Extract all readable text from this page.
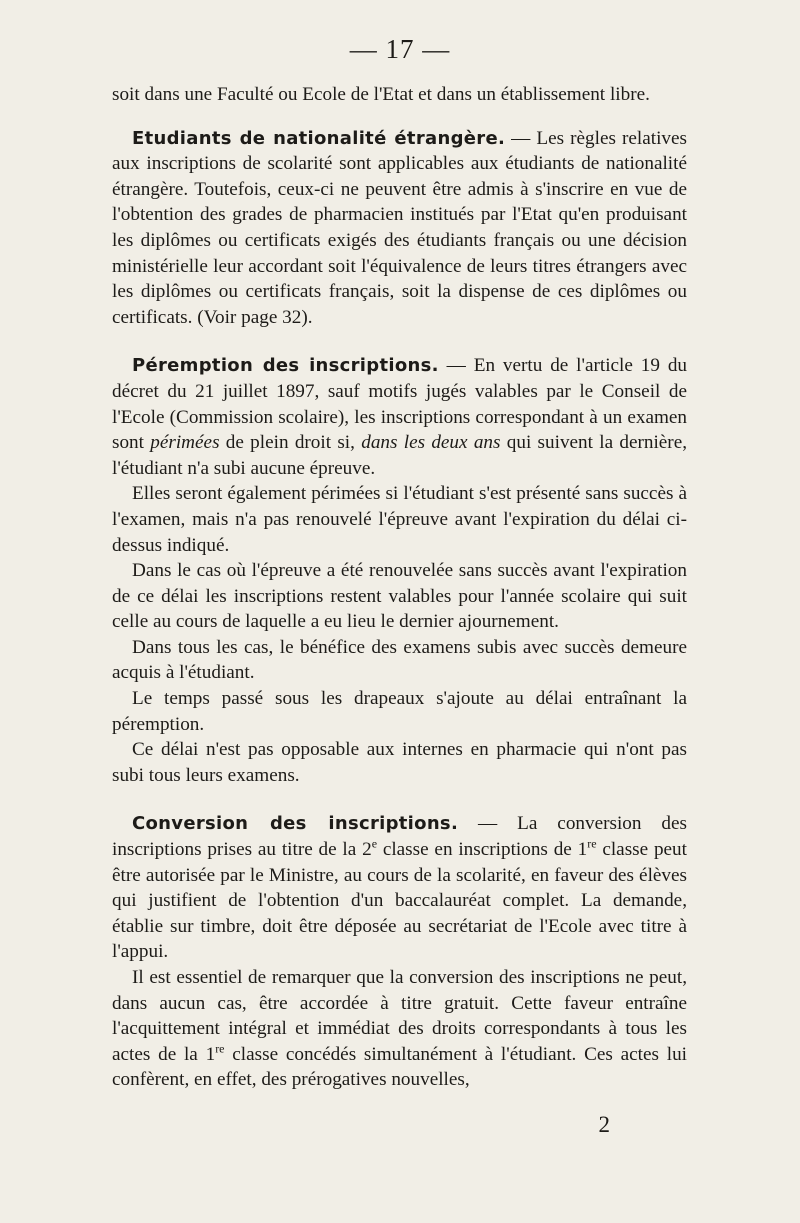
— 17 —

soit dans une Faculté ou Ecole de l'Etat et dans un établissement libre.

Etudiants de nationalité étrangère. — Les règles relatives aux inscriptions de scolarité sont applicables aux étudiants de nationalité étrangère. Toutefois, ceux-ci ne peuvent être admis à s'inscrire en vue de l'obtention des grades de pharmacien institués par l'Etat qu'en produisant les diplômes ou certificats exigés des étudiants français ou une décision ministérielle leur accordant soit l'équivalence de leurs titres étrangers avec les diplômes ou certificats français, soit la dispense de ces diplômes ou certificats. (Voir page 32).

Péremption des inscriptions. — En vertu de l'article 19 du décret du 21 juillet 1897, sauf motifs jugés valables par le Conseil de l'Ecole (Commission scolaire), les inscriptions correspondant à un examen sont périmées de plein droit si, dans les deux ans qui suivent la dernière, l'étudiant n'a subi aucune épreuve.

Elles seront également périmées si l'étudiant s'est présenté sans succès à l'examen, mais n'a pas renouvelé l'épreuve avant l'expiration du délai ci-dessus indiqué.

Dans le cas où l'épreuve a été renouvelée sans succès avant l'expiration de ce délai les inscriptions restent valables pour l'année scolaire qui suit celle au cours de laquelle a eu lieu le dernier ajournement.

Dans tous les cas, le bénéfice des examens subis avec succès demeure acquis à l'étudiant.

Le temps passé sous les drapeaux s'ajoute au délai entraînant la péremption.

Ce délai n'est pas opposable aux internes en pharmacie qui n'ont pas subi tous leurs examens.

Conversion des inscriptions. — La conversion des inscriptions prises au titre de la 2e classe en inscriptions de 1re classe peut être autorisée par le Ministre, au cours de la scolarité, en faveur des élèves qui justifient de l'obtention d'un baccalauréat complet. La demande, établie sur timbre, doit être déposée au secrétariat de l'Ecole avec titre à l'appui.

Il est essentiel de remarquer que la conversion des inscriptions ne peut, dans aucun cas, être accordée à titre gratuit. Cette faveur entraîne l'acquittement intégral et immédiat des droits correspondants à tous les actes de la 1re classe concédés simultanément à l'étudiant. Ces actes lui confèrent, en effet, des prérogatives nouvelles,

2
